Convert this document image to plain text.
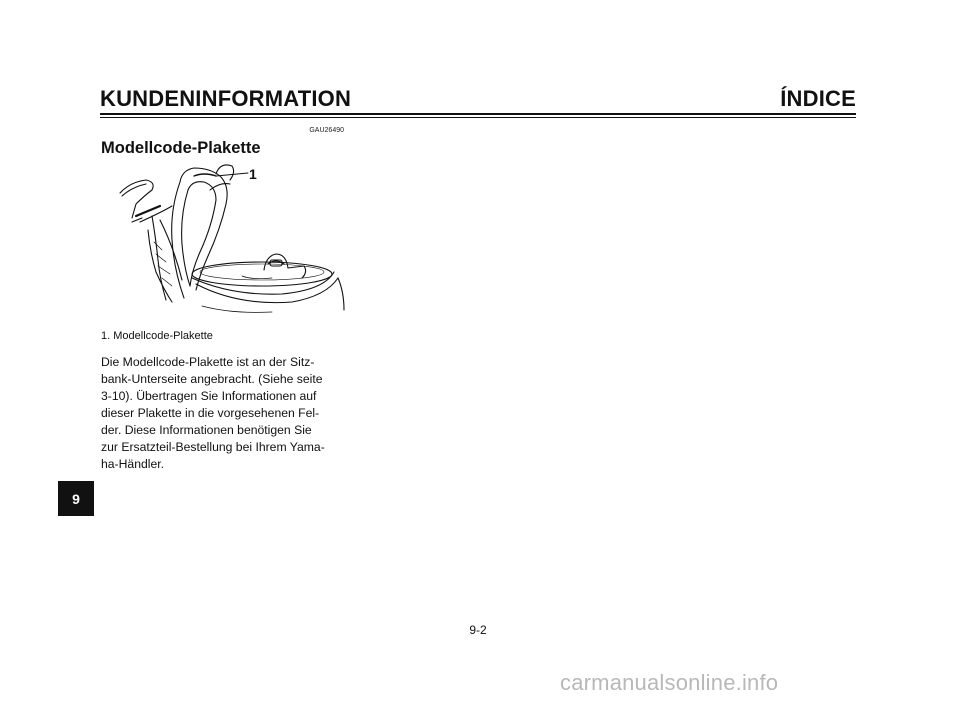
KUNDENINFORMATION	ÍNDICE
GAU26490
Modellcode-Plakette
1
1. Modellcode-Plakette
Die Modellcode-Plakette ist an der Sitz-
bank-Unterseite angebracht. (Siehe seite
3-10). Übertragen Sie Informationen auf
dieser Plakette in die vorgesehenen Fel-
der. Diese Informationen benötigen Sie
zur Ersatzteil-Bestellung bei Ihrem Yama-
ha-Händler.
9
9-2
carmanualsonline.info
